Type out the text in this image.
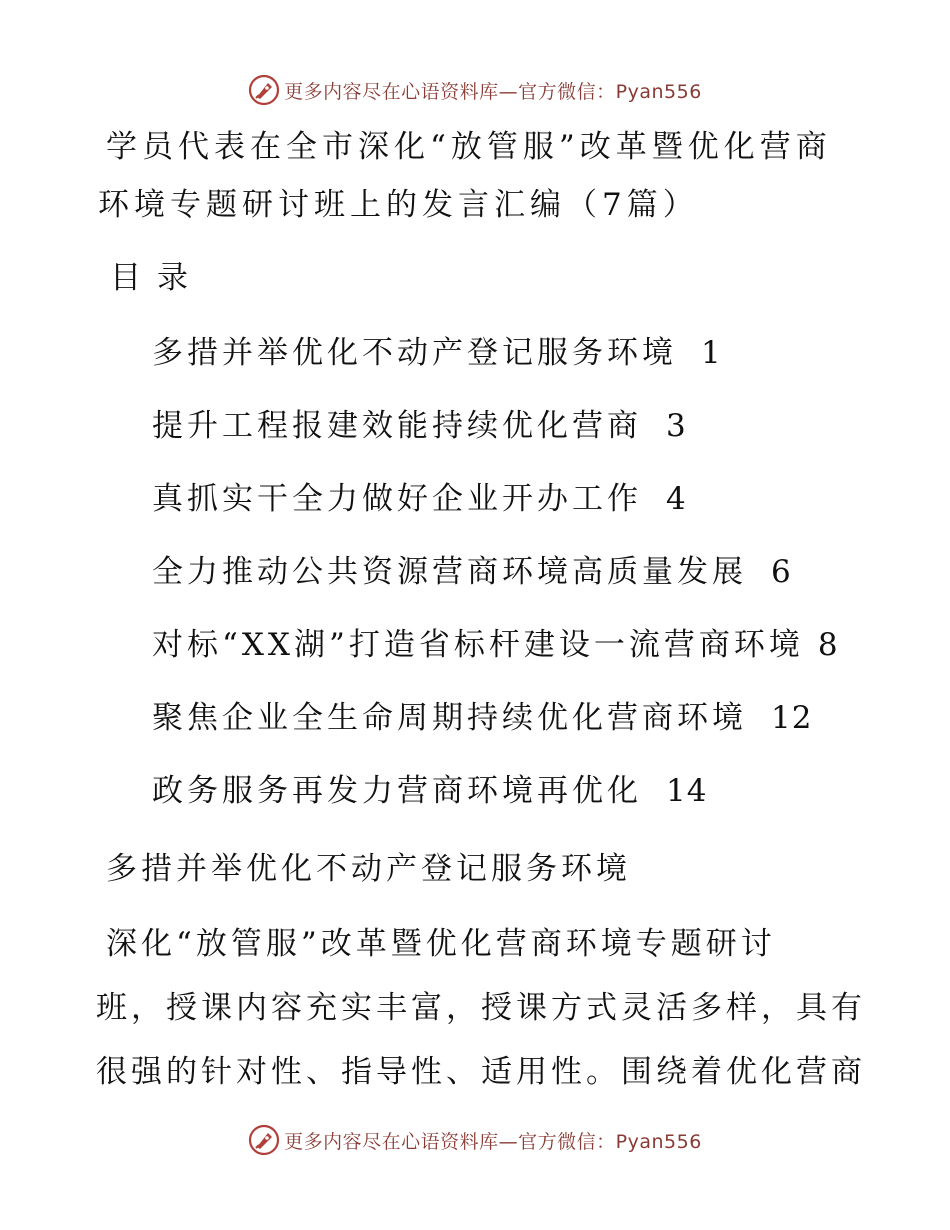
更多内容尽在心语资料库—官方微信：Pyan556
学员代表在全市深化“放管服”改革暨优化营商
环境专题研讨班上的发言汇编（7篇）
目录
多措并举优化不动产登记服务环境 1
提升工程报建效能持续优化营商 3
真抓实干全力做好企业开办工作 4
全力推动公共资源营商环境高质量发展 6
对标“XX湖”打造省标杆建设一流营商环境 8
聚焦企业全生命周期持续优化营商环境 12
政务服务再发力营商环境再优化 14
多措并举优化不动产登记服务环境
深化“放管服”改革暨优化营商环境专题研讨
班，授课内容充实丰富，授课方式灵活多样，具有
很强的针对性、指导性、适用性。围绕着优化营商
更多内容尽在心语资料库—官方微信：Pyan556
